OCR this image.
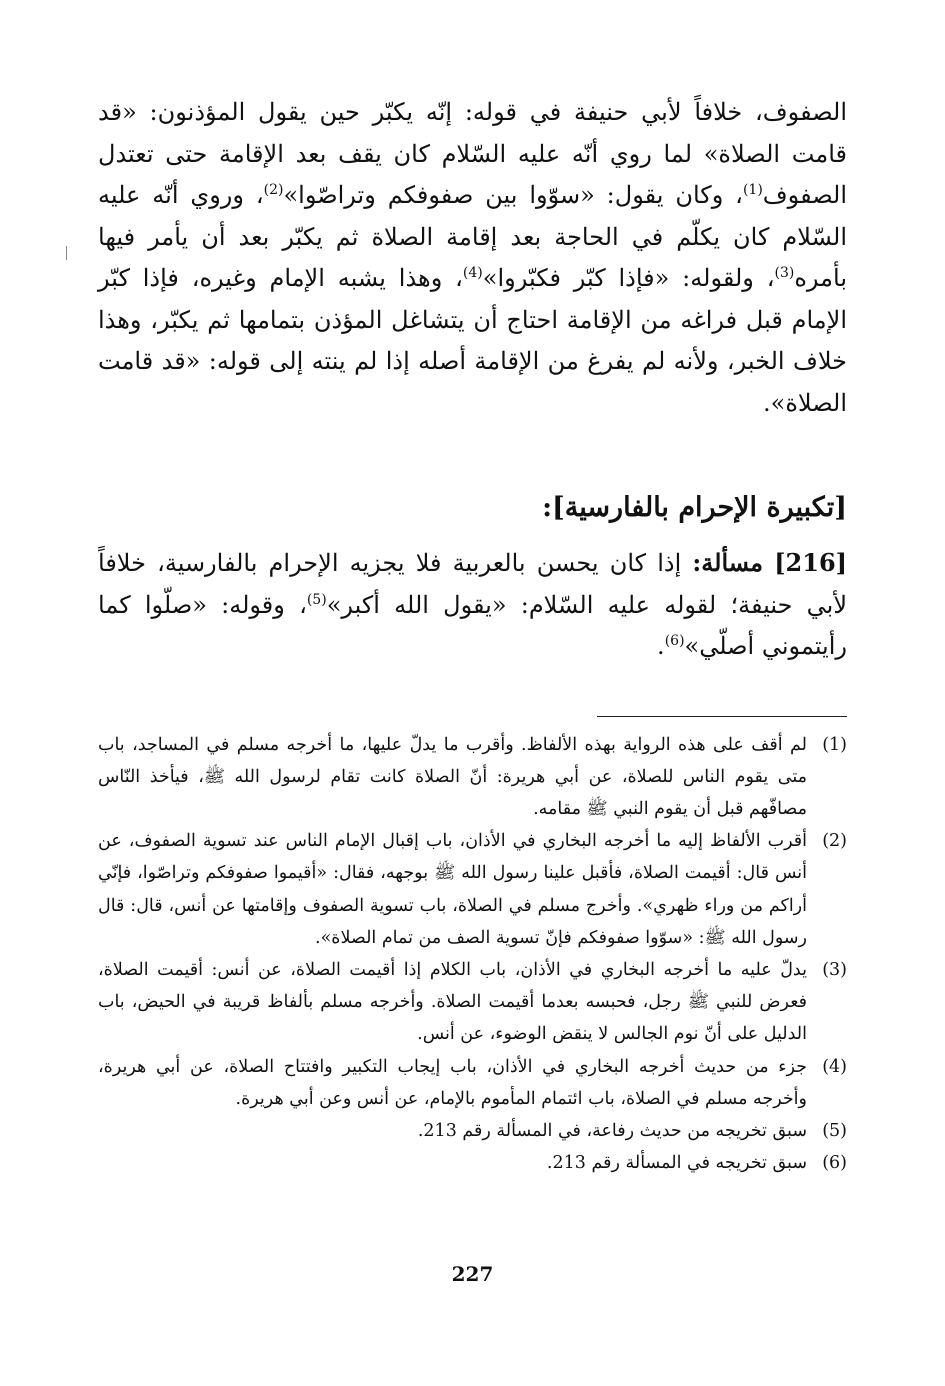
الصفوف، خلافاً لأبي حنيفة في قوله: إنّه يكبّر حين يقول المؤذنون: «قد قامت الصلاة» لما روي أنّه عليه السّلام كان يقف بعد الإقامة حتى تعتدل الصفوف$^{(1)}$، وكان يقول: «سوّوا بين صفوفكم وتراصّوا»$^{(2)}$، وروي أنّه عليه السّلام كان يكلّم في الحاجة بعد إقامة الصلاة ثم يكبّر بعد أن يأمر فيها بأمره$^{(3)}$، ولقوله: «فإذا كبّر فكبّروا»$^{(4)}$، وهذا يشبه الإمام وغيره، فإذا كبّر الإمام قبل فراغه من الإقامة احتاج أن يتشاغل المؤذن بتمامها ثم يكبّر، وهذا خلاف الخبر، ولأنه لم يفرغ من الإقامة أصله إذا لم ينته إلى قوله: «قد قامت الصلاة».

[تكبيرة الإحرام بالفارسية]:

[216] مسألة: إذا كان يحسن بالعربية فلا يجزيه الإحرام بالفارسية، خلافاً لأبي حنيفة؛ لقوله عليه السّلام: «يقول الله أكبر»$^{(5)}$، وقوله: «صلّوا كما رأيتموني أصلّي»$^{(6)}$.

(1)
لم أقف على هذه الرواية بهذه الألفاظ. وأقرب ما يدلّ عليها، ما أخرجه مسلم في المساجد، باب متى يقوم الناس للصلاة، عن أبي هريرة: أنّ الصلاة كانت تقام لرسول الله ﷺ، فيأخذ النّاس مصافّهم قبل أن يقوم النبي ﷺ مقامه.
(2)
أقرب الألفاظ إليه ما أخرجه البخاري في الأذان، باب إقبال الإمام الناس عند تسوية الصفوف، عن أنس قال: أقيمت الصلاة، فأقبل علينا رسول الله ﷺ بوجهه، فقال: «أقيموا صفوفكم وتراصّوا، فإنّي أراكم من وراء ظهري». وأخرج مسلم في الصلاة، باب تسوية الصفوف وإقامتها عن أنس، قال: قال رسول الله ﷺ: «سوّوا صفوفكم فإنّ تسوية الصف من تمام الصلاة».
(3)
يدلّ عليه ما أخرجه البخاري في الأذان، باب الكلام إذا أقيمت الصلاة، عن أنس: أقيمت الصلاة، فعرض للنبي ﷺ رجل، فحبسه بعدما أقيمت الصلاة. وأخرجه مسلم بألفاظ قريبة في الحيض، باب الدليل على أنّ نوم الجالس لا ينقض الوضوء، عن أنس.
(4)
جزء من حديث أخرجه البخاري في الأذان، باب إيجاب التكبير وافتتاح الصلاة، عن أبي هريرة، وأخرجه مسلم في الصلاة، باب ائتمام المأموم بالإمام، عن أنس وعن أبي هريرة.
(5)
سبق تخريجه من حديث رفاعة، في المسألة رقم 213.
(6)
سبق تخريجه في المسألة رقم 213.
227
